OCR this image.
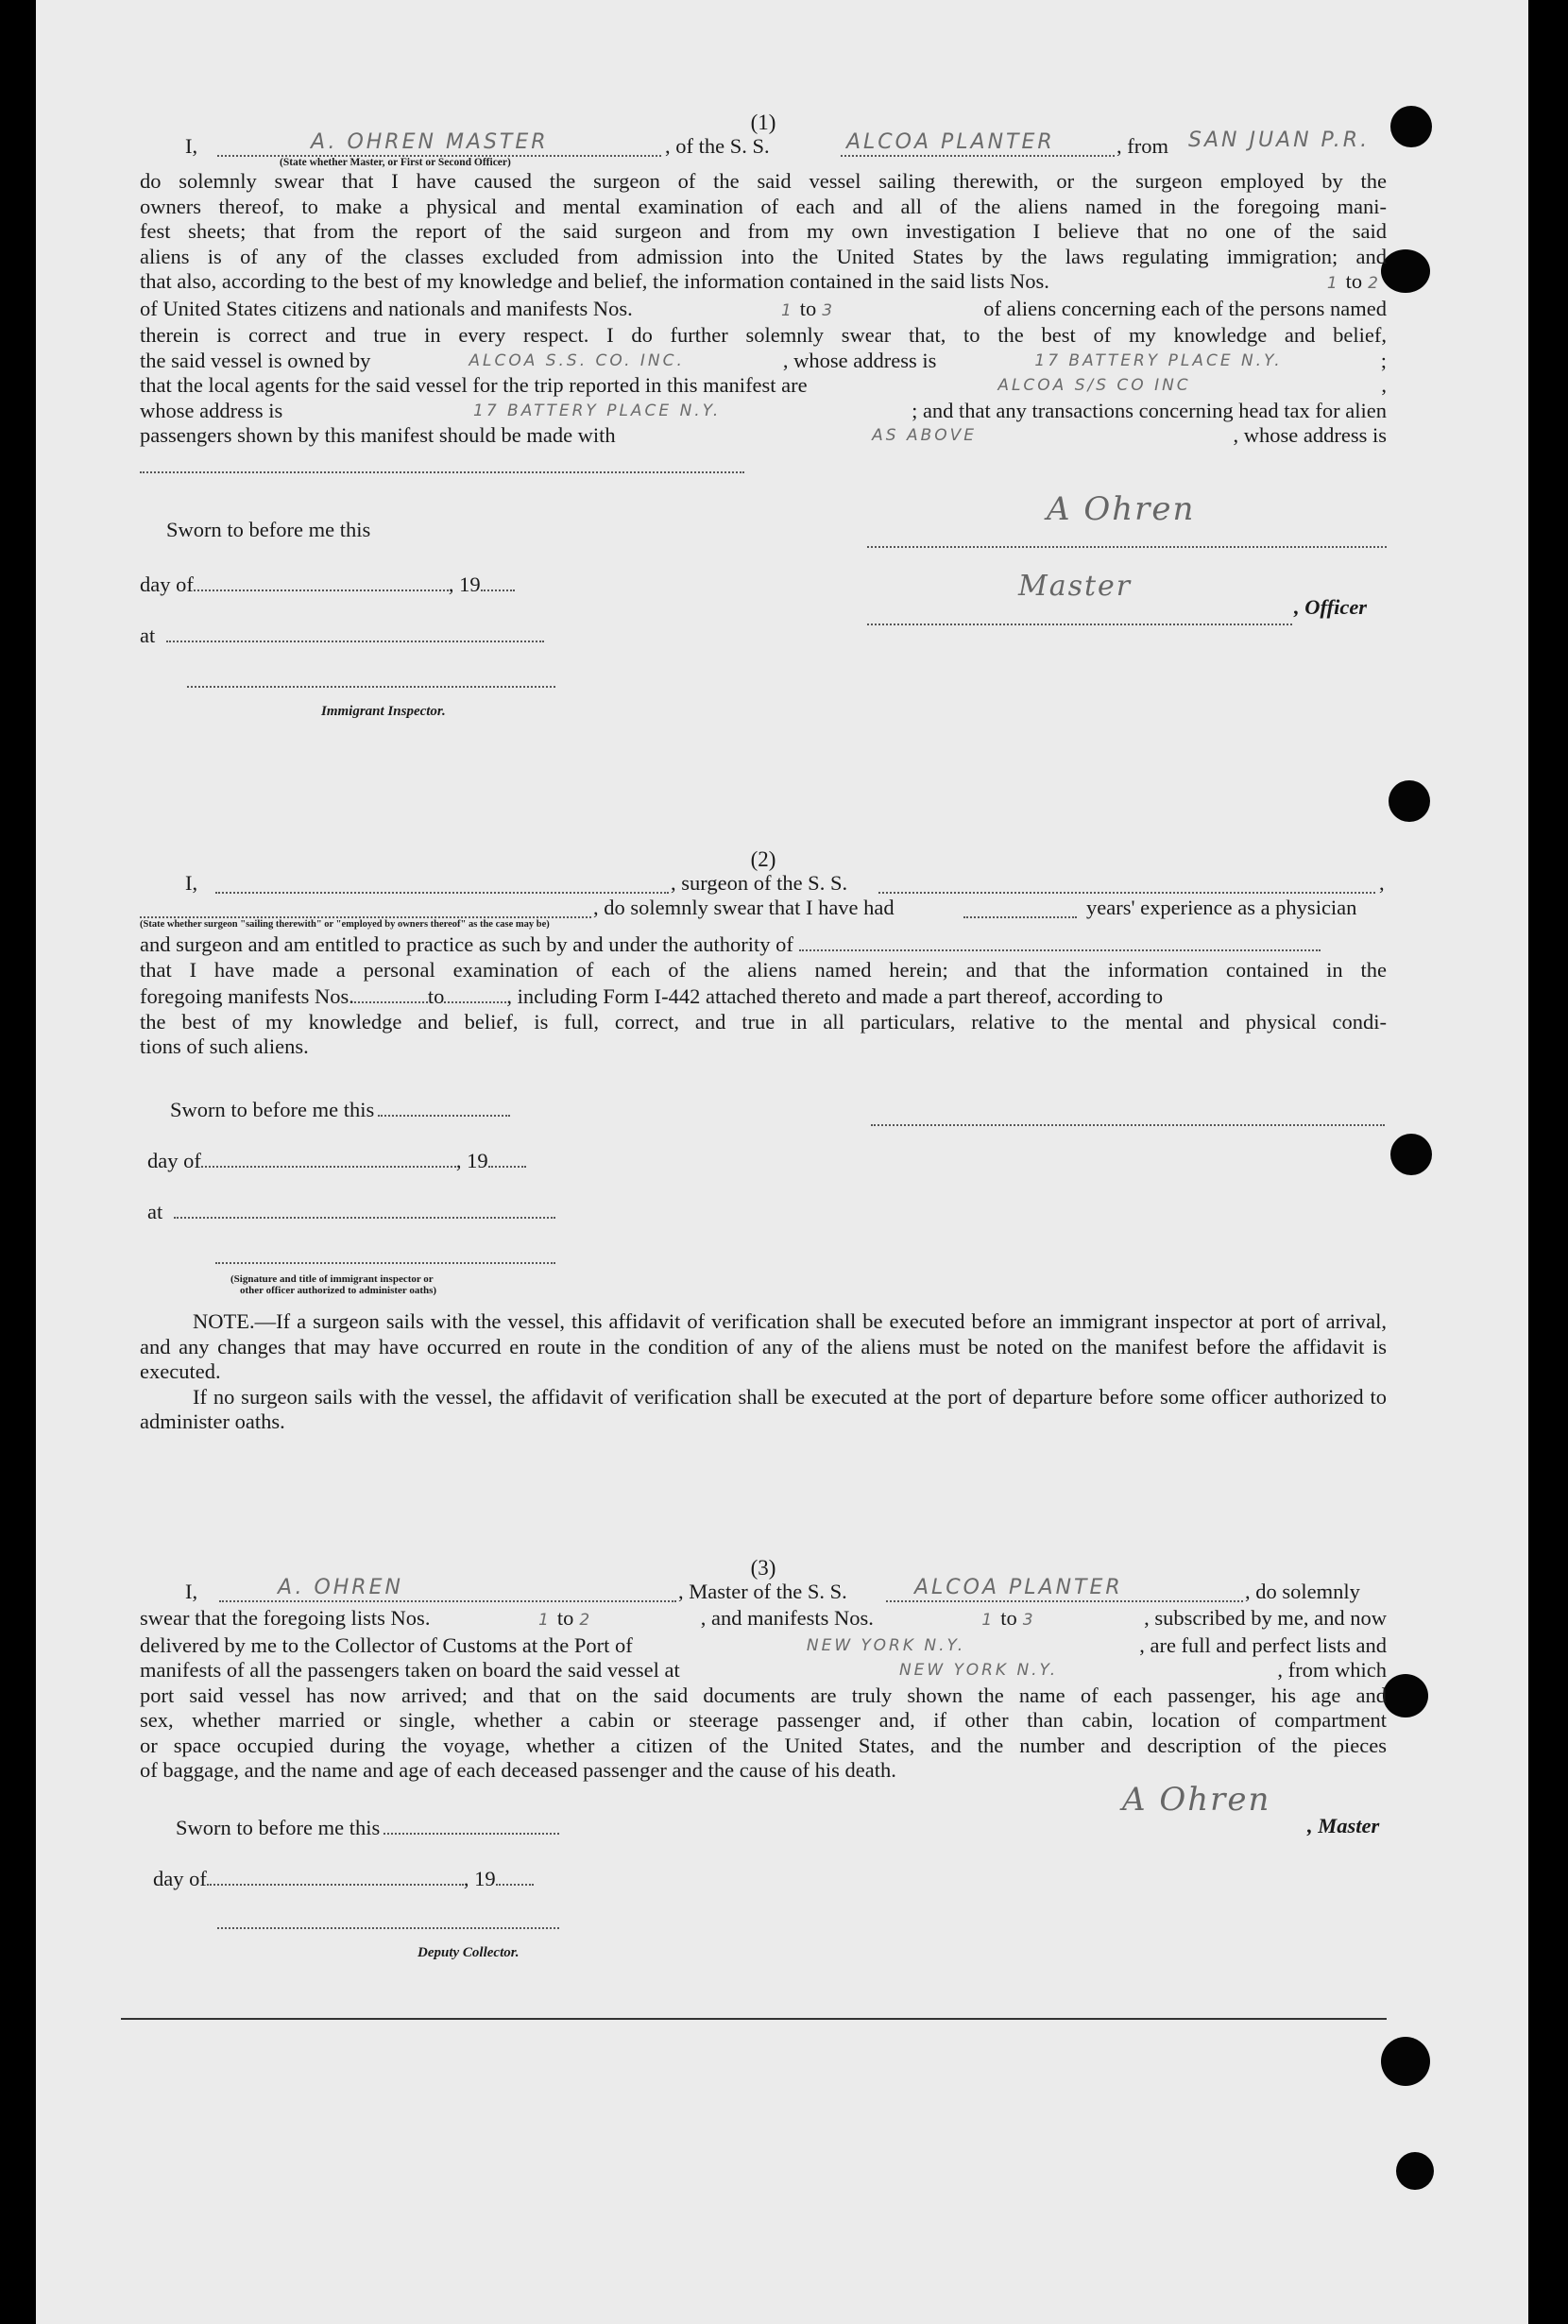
(1)
I,	A. OHREN MASTER	, of the S. S.	ALCOA PLANTER	, from SAN JUAN P.R.
(State whether Master, or First or Second Officer)
do solemnly swear that I have caused the surgeon of the said vessel sailing therewith, or the surgeon employed by the
owners thereof, to make a physical and mental examination of each and all of the aliens named in the foregoing mani-
fest sheets; that from the report of the said surgeon and from my own investigation I believe that no one of the said
aliens is of any of the classes excluded from admission into the United States by the laws regulating immigration; and
that also, according to the best of my knowledge and belief, the information contained in the said lists Nos.	1 to 2
of United States citizens and nationals and manifests Nos.	1 to 3	of aliens concerning each of the persons named
therein is correct and true in every respect. I do further solemnly swear that, to the best of my knowledge and belief,
the said vessel is owned by	ALCOA S.S. CO. INC.	, whose address is	17 BATTERY PLACE N.Y.	;
that the local agents for the said vessel for the trip reported in this manifest are	ALCOA S/S CO INC	,
whose address is	17 BATTERY PLACE N.Y.	; and that any transactions concerning head tax for alien
passengers shown by this manifest should be made with	AS ABOVE	, whose address is
Sworn to before me this
day of	, 19
at
Immigrant Inspector.
A Ohren
Master
, Officer
(2)
I,	, surgeon of the S. S.	,
, do solemnly swear that I have had	years' experience as a physician
(State whether surgeon "sailing therewith" or "employed by owners thereof" as the case may be)
and surgeon and am entitled to practice as such by and under the authority of
that I have made a personal examination of each of the aliens named herein; and that the information contained in the
foregoing manifests Nos.	to	, including Form I-442 attached thereto and made a part thereof, according to
the best of my knowledge and belief, is full, correct, and true in all particulars, relative to the mental and physical condi-
tions of such aliens.
Sworn to before me this
day of	, 19
at
(Signature and title of immigrant inspector or
other officer authorized to administer oaths)

NOTE.—If a surgeon sails with the vessel, this affidavit of verification shall be executed before an immigrant inspector at port of arrival, and any changes that may have occurred en route in the condition of any of the aliens must be noted on the manifest before the affidavit is executed.

If no surgeon sails with the vessel, the affidavit of verification shall be executed at the port of departure before some officer authorized to administer oaths.

(3)
I,	A. OHREN	, Master of the S. S.	ALCOA PLANTER	, do solemnly
swear that the foregoing lists Nos.	1 to 2	, and manifests Nos.	1 to 3	, subscribed by me, and now
delivered by me to the Collector of Customs at the Port of	NEW YORK N.Y.	, are full and perfect lists and
manifests of all the passengers taken on board the said vessel at	NEW YORK N.Y.	, from which
port said vessel has now arrived; and that on the said documents are truly shown the name of each passenger, his age and
sex, whether married or single, whether a cabin or steerage passenger and, if other than cabin, location of compartment
or space occupied during the voyage, whether a citizen of the United States, and the number and description of the pieces
of baggage, and the name and age of each deceased passenger and the cause of his death.
Sworn to before me this
A Ohren
, Master
day of	, 19
Deputy Collector.
